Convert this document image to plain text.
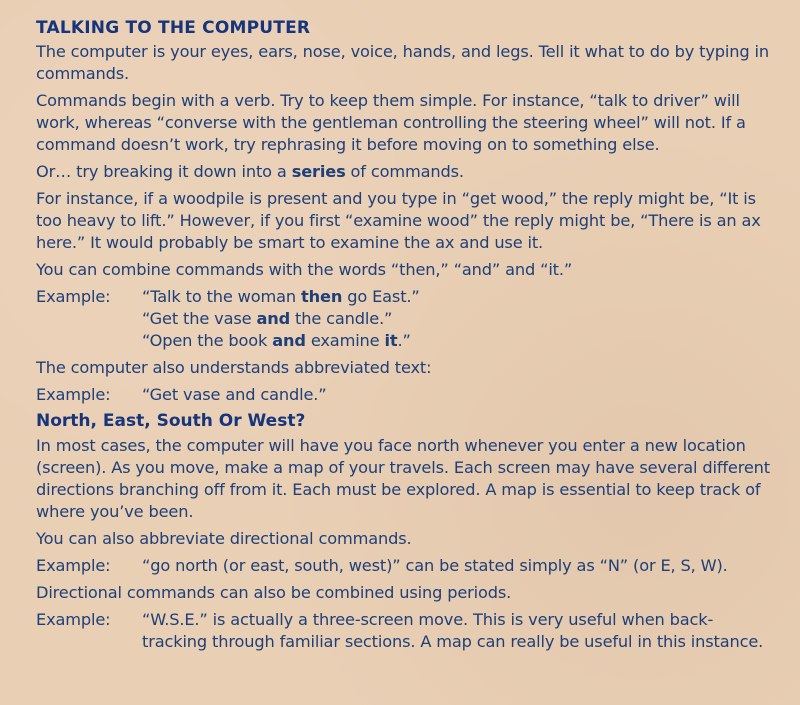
TALKING TO THE COMPUTER

The computer is your eyes, ears, nose, voice, hands, and legs. Tell it what to do by typing in commands.

Commands begin with a verb. Try to keep them simple. For instance, “talk to driver” will work, whereas “converse with the gentleman controlling the steering wheel” will not. If a command doesn’t work, try rephrasing it before moving on to something else.

Or… try breaking it down into a series of commands.

For instance, if a woodpile is present and you type in “get wood,” the reply might be, “It is too heavy to lift.” However, if you first “examine wood” the reply might be, “There is an ax here.” It would probably be smart to examine the ax and use it.

You can combine commands with the words “then,” “and” and “it.”

Example:	“Talk to the woman then go East.”
“Get the vase and the candle.”
“Open the book and examine it.”

The computer also understands abbreviated text:

Example:	“Get vase and candle.”
North, East, South Or West?

In most cases, the computer will have you face north whenever you enter a new location (screen). As you move, make a map of your travels. Each screen may have several different directions branching off from it. Each must be explored. A map is essential to keep track of where you’ve been.

You can also abbreviate directional commands.

Example:	“go north (or east, south, west)” can be stated simply as “N” (or E, S, W).

Directional commands can also be combined using periods.

Example:	“W.S.E.” is actually a three-screen move. This is very useful when back-tracking through familiar sections. A map can really be useful in this instance.
